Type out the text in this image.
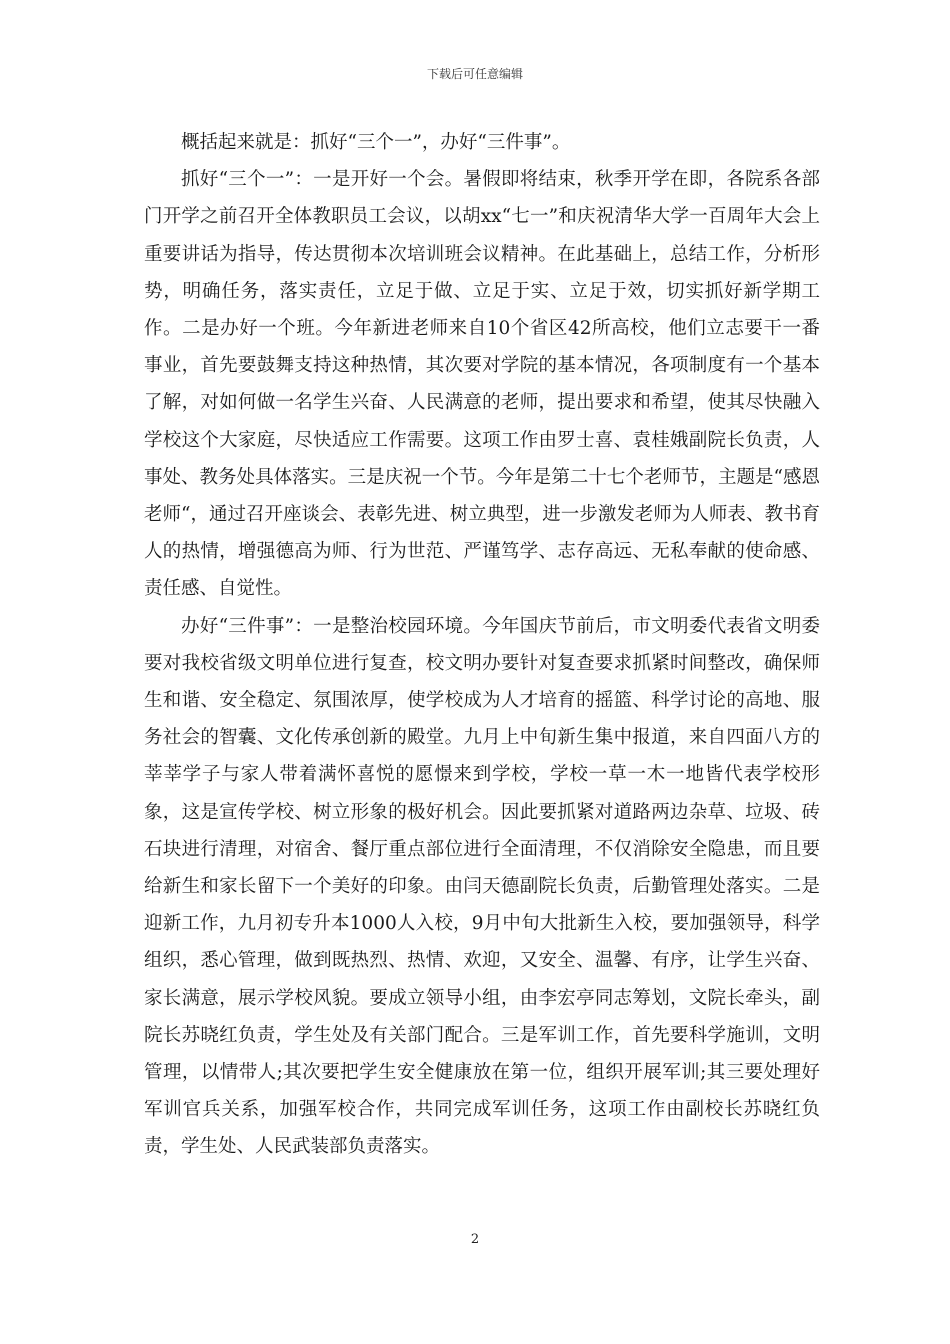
下载后可任意编辑

概括起来就是：抓好“三个一”，办好“三件事”。

抓好“三个一”：一是开好一个会。暑假即将结束，秋季开学在即，各院系各部门开学之前召开全体教职员工会议，以胡xx“七一”和庆祝清华大学一百周年大会上重要讲话为指导，传达贯彻本次培训班会议精神。在此基础上，总结工作，分析形势，明确任务，落实责任，立足于做、立足于实、立足于效，切实抓好新学期工作。二是办好一个班。今年新进老师来自10个省区42所高校，他们立志要干一番事业，首先要鼓舞支持这种热情，其次要对学院的基本情况，各项制度有一个基本了解，对如何做一名学生兴奋、人民满意的老师，提出要求和希望，使其尽快融入学校这个大家庭，尽快适应工作需要。这项工作由罗士喜、袁桂娥副院长负责，人事处、教务处具体落实。三是庆祝一个节。今年是第二十七个老师节，主题是“感恩老师“，通过召开座谈会、表彰先进、树立典型，进一步激发老师为人师表、教书育人的热情，增强德高为师、行为世范、严谨笃学、志存高远、无私奉献的使命感、责任感、自觉性。

办好“三件事”：一是整治校园环境。今年国庆节前后，市文明委代表省文明委要对我校省级文明单位进行复查，校文明办要针对复查要求抓紧时间整改，确保师生和谐、安全稳定、氛围浓厚，使学校成为人才培育的摇篮、科学讨论的高地、服务社会的智囊、文化传承创新的殿堂。九月上中旬新生集中报道，来自四面八方的莘莘学子与家人带着满怀喜悦的愿憬来到学校，学校一草一木一地皆代表学校形象，这是宣传学校、树立形象的极好机会。因此要抓紧对道路两边杂草、垃圾、砖石块进行清理，对宿舍、餐厅重点部位进行全面清理，不仅消除安全隐患，而且要给新生和家长留下一个美好的印象。由闫天德副院长负责，后勤管理处落实。二是迎新工作，九月初专升本1000人入校，9月中旬大批新生入校，要加强领导，科学组织，悉心管理，做到既热烈、热情、欢迎，又安全、温馨、有序，让学生兴奋、家长满意，展示学校风貌。要成立领导小组，由李宏亭同志筹划，文院长牵头，副院长苏晓红负责，学生处及有关部门配合。三是军训工作，首先要科学施训，文明管理，以情带人;其次要把学生安全健康放在第一位，组织开展军训;其三要处理好军训官兵关系，加强军校合作，共同完成军训任务，这项工作由副校长苏晓红负责，学生处、人民武装部负责落实。

2
